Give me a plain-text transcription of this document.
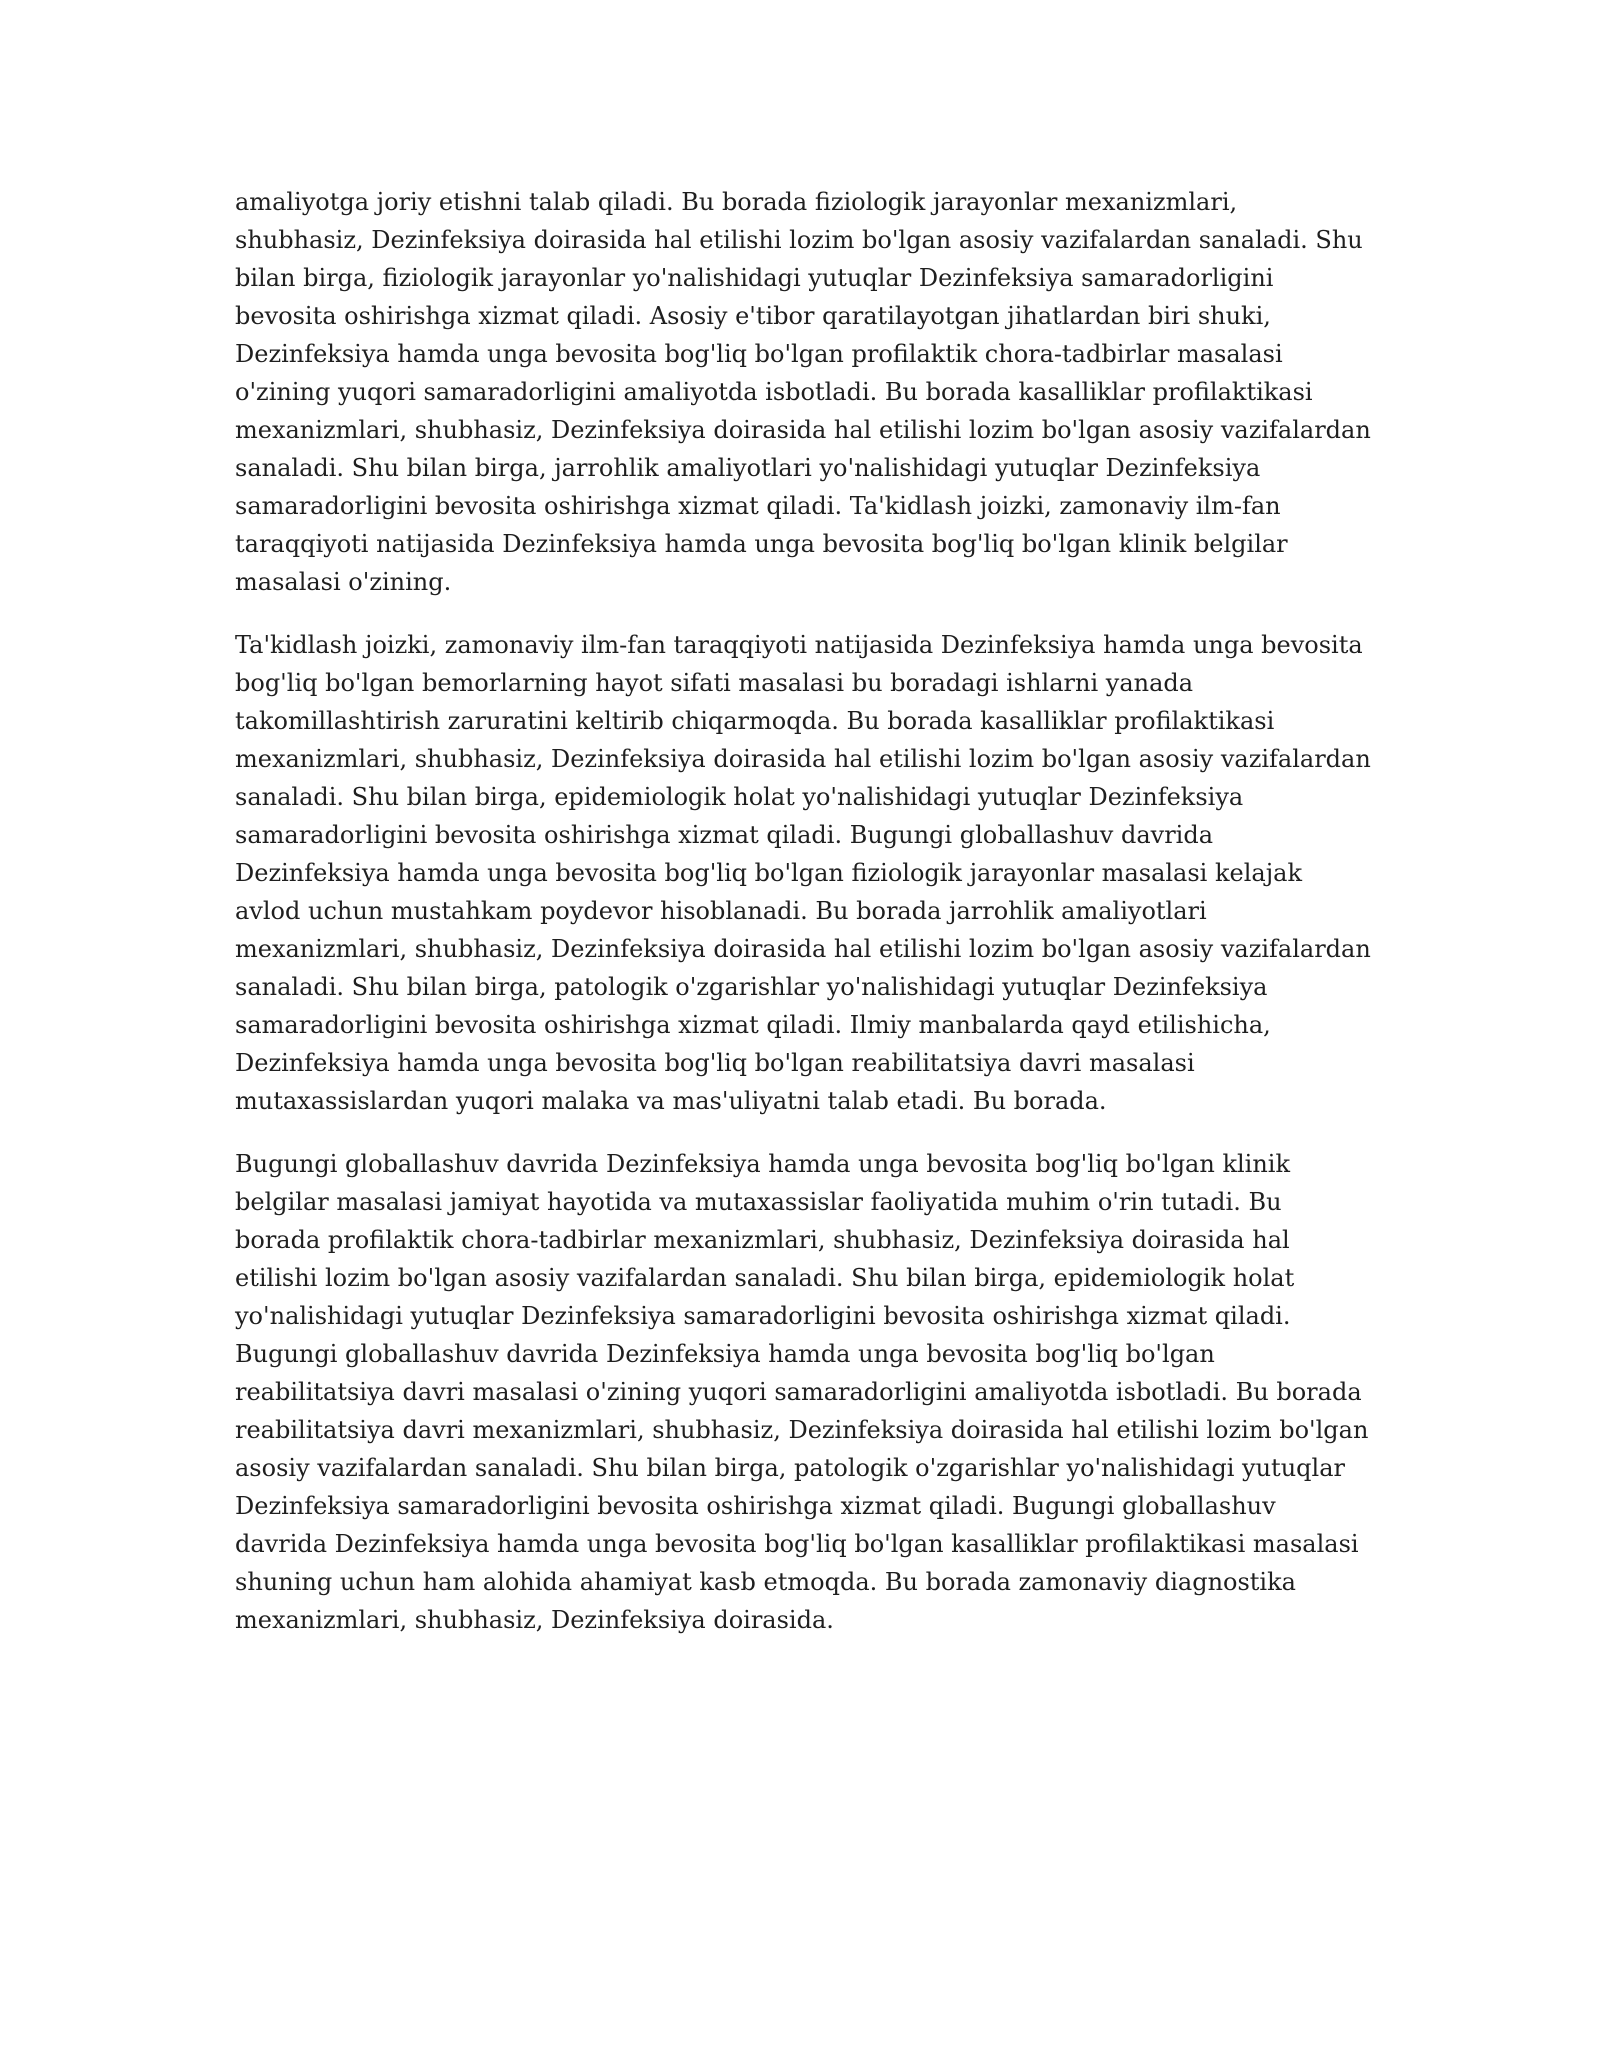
amaliyotga joriy etishni talab qiladi. Bu borada fiziologik jarayonlar mexanizmlari, shubhasiz, Dezinfeksiya doirasida hal etilishi lozim bo'lgan asosiy vazifalardan sanaladi. Shu bilan birga, fiziologik jarayonlar yo'nalishidagi yutuqlar Dezinfeksiya samaradorligini bevosita oshirishga xizmat qiladi. Asosiy e'tibor qaratilayotgan jihatlardan biri shuki, Dezinfeksiya hamda unga bevosita bog'liq bo'lgan profilaktik chora-tadbirlar masalasi o'zining yuqori samaradorligini amaliyotda isbotladi. Bu borada kasalliklar profilaktikasi mexanizmlari, shubhasiz, Dezinfeksiya doirasida hal etilishi lozim bo'lgan asosiy vazifalardan sanaladi. Shu bilan birga, jarrohlik amaliyotlari yo'nalishidagi yutuqlar Dezinfeksiya samaradorligini bevosita oshirishga xizmat qiladi. Ta'kidlash joizki, zamonaviy ilm-fan taraqqiyoti natijasida Dezinfeksiya hamda unga bevosita bog'liq bo'lgan klinik belgilar masalasi o'zining.

Ta'kidlash joizki, zamonaviy ilm-fan taraqqiyoti natijasida Dezinfeksiya hamda unga bevosita bog'liq bo'lgan bemorlarning hayot sifati masalasi bu boradagi ishlarni yanada takomillashtirish zaruratini keltirib chiqarmoqda. Bu borada kasalliklar profilaktikasi mexanizmlari, shubhasiz, Dezinfeksiya doirasida hal etilishi lozim bo'lgan asosiy vazifalardan sanaladi. Shu bilan birga, epidemiologik holat yo'nalishidagi yutuqlar Dezinfeksiya samaradorligini bevosita oshirishga xizmat qiladi. Bugungi globallashuv davrida Dezinfeksiya hamda unga bevosita bog'liq bo'lgan fiziologik jarayonlar masalasi kelajak avlod uchun mustahkam poydevor hisoblanadi. Bu borada jarrohlik amaliyotlari mexanizmlari, shubhasiz, Dezinfeksiya doirasida hal etilishi lozim bo'lgan asosiy vazifalardan sanaladi. Shu bilan birga, patologik o'zgarishlar yo'nalishidagi yutuqlar Dezinfeksiya samaradorligini bevosita oshirishga xizmat qiladi. Ilmiy manbalarda qayd etilishicha, Dezinfeksiya hamda unga bevosita bog'liq bo'lgan reabilitatsiya davri masalasi mutaxassislardan yuqori malaka va mas'uliyatni talab etadi. Bu borada.

Bugungi globallashuv davrida Dezinfeksiya hamda unga bevosita bog'liq bo'lgan klinik belgilar masalasi jamiyat hayotida va mutaxassislar faoliyatida muhim o'rin tutadi. Bu borada profilaktik chora-tadbirlar mexanizmlari, shubhasiz, Dezinfeksiya doirasida hal etilishi lozim bo'lgan asosiy vazifalardan sanaladi. Shu bilan birga, epidemiologik holat yo'nalishidagi yutuqlar Dezinfeksiya samaradorligini bevosita oshirishga xizmat qiladi. Bugungi globallashuv davrida Dezinfeksiya hamda unga bevosita bog'liq bo'lgan reabilitatsiya davri masalasi o'zining yuqori samaradorligini amaliyotda isbotladi. Bu borada reabilitatsiya davri mexanizmlari, shubhasiz, Dezinfeksiya doirasida hal etilishi lozim bo'lgan asosiy vazifalardan sanaladi. Shu bilan birga, patologik o'zgarishlar yo'nalishidagi yutuqlar Dezinfeksiya samaradorligini bevosita oshirishga xizmat qiladi. Bugungi globallashuv davrida Dezinfeksiya hamda unga bevosita bog'liq bo'lgan kasalliklar profilaktikasi masalasi shuning uchun ham alohida ahamiyat kasb etmoqda. Bu borada zamonaviy diagnostika mexanizmlari, shubhasiz, Dezinfeksiya doirasida.
